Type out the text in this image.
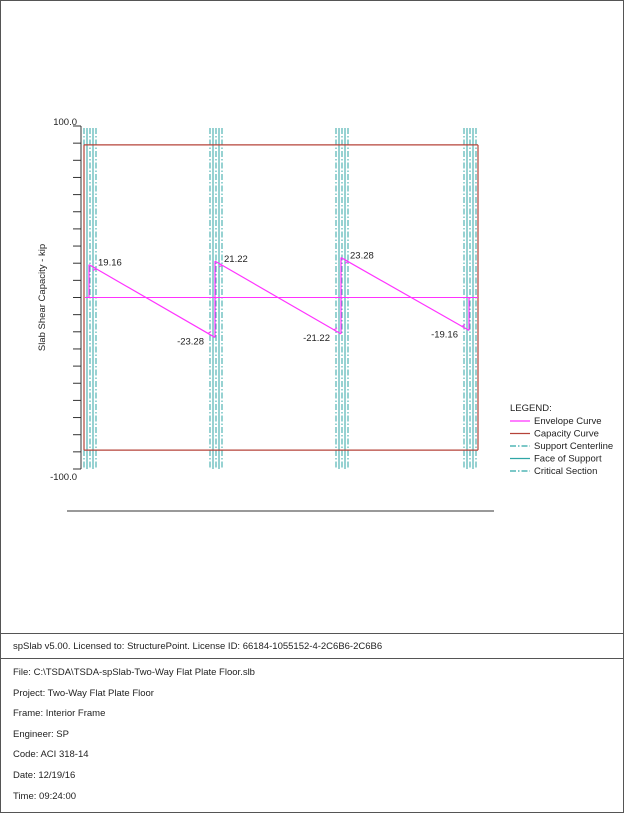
100.0
-100.0
Slab Shear Capacity - kip	19.16
-23.28
21.22
-21.22
23.28
-19.16
LEGEND:
Envelope Curve
Capacity Curve
Support Centerline
Face of Support
Critical Section
spSlab v5.00. Licensed to: StructurePoint. License ID: 66184-1055152-4-2C6B6-2C6B6
File: C:\TSDA\TSDA-spSlab-Two-Way Flat Plate Floor.slb
Project: Two-Way Flat Plate Floor
Frame: Interior Frame
Engineer: SP
Code: ACI 318-14
Date: 12/19/16
Time: 09:24:00
